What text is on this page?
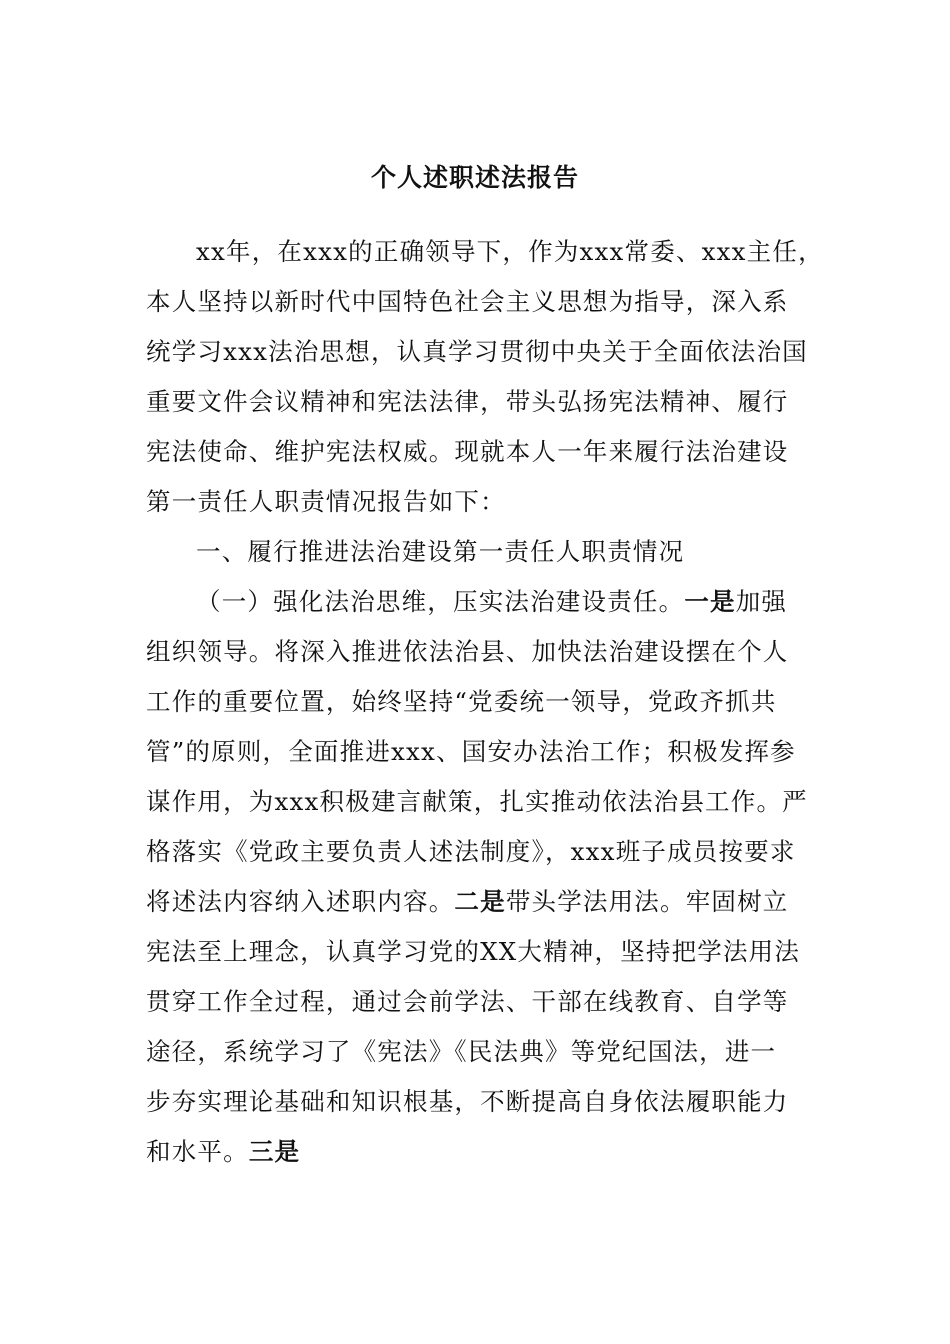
个人述职述法报告
xx年，在xxx的正确领导下，作为xxx常委、xxx主任，
本人坚持以新时代中国特色社会主义思想为指导，深入系
统学习xxx法治思想，认真学习贯彻中央关于全面依法治国
重要文件会议精神和宪法法律，带头弘扬宪法精神、履行
宪法使命、维护宪法权威。现就本人一年来履行法治建设
第一责任人职责情况报告如下：
一、履行推进法治建设第一责任人职责情况
（一）强化法治思维，压实法治建设责任。一是加强
组织领导。将深入推进依法治县、加快法治建设摆在个人
工作的重要位置，始终坚持“党委统一领导，党政齐抓共
管”的原则，全面推进xxx、国安办法治工作；积极发挥参
谋作用，为xxx积极建言献策，扎实推动依法治县工作。严
格落实《党政主要负责人述法制度》，xxx班子成员按要求
将述法内容纳入述职内容。二是带头学法用法。牢固树立
宪法至上理念，认真学习党的XX大精神，坚持把学法用法
贯穿工作全过程，通过会前学法、干部在线教育、自学等
途径，系统学习了《宪法》《民法典》等党纪国法，进一
步夯实理论基础和知识根基，不断提高自身依法履职能力
和水平。三是
